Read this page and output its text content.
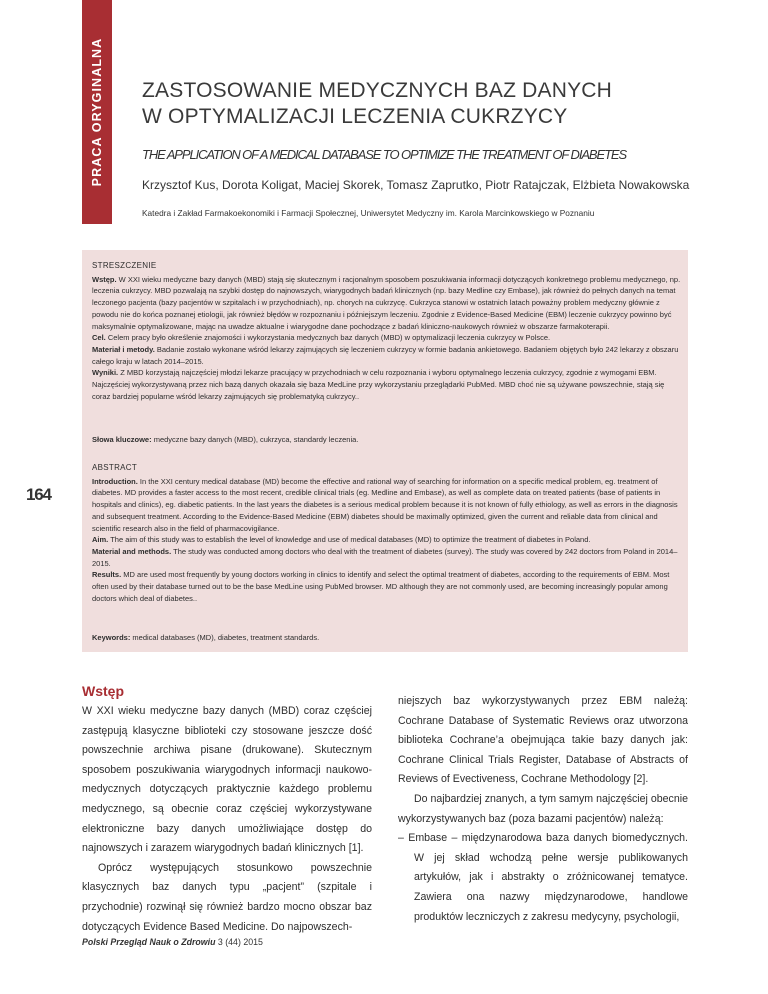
PRACA ORYGINALNA ZASTOSOWANIE MEDYCZNYCH BAZ DANYCH
W OPTYMALIZACJI LECZENIA CUKRZYCY
THE APPLICATION OF A MEDICAL DATABASE TO OPTIMIZE THE TREATMENT OF DIABETES
Krzysztof Kus, Dorota Koligat, Maciej Skorek, Tomasz Zaprutko, Piotr Ratajczak, Elżbieta Nowakowska
Katedra i Zakład Farmakoekonomiki i Farmacji Społecznej, Uniwersytet Medyczny im. Karola Marcinkowskiego w Poznaniu

STRESZCZENIE

Wstęp. W XXI wieku medyczne bazy danych (MBD) stają się skutecznym i racjonalnym sposobem poszukiwania informacji dotyczących konkretnego problemu medycznego, np. leczenia cukrzycy. MBD pozwalają na szybki dostęp do najnowszych, wiarygodnych badań klinicznych (np. bazy Medline czy Embase), jak również do pełnych danych na temat leczonego pacjenta (bazy pacjentów w szpitalach i w przychodniach), np. chorych na cukrzycę. Cukrzyca stanowi w ostatnich latach poważny problem medyczny głównie z powodu nie do końca poznanej etiologii, jak również błędów w rozpoznaniu i późniejszym leczeniu. Zgodnie z Evidence-Based Medicine (EBM) leczenie cukrzycy powinno być maksymalnie optymalizowane, mając na uwadze aktualne i wiarygodne dane pochodzące z badań kliniczno-naukowych również w obszarze farmakoterapii.

Cel. Celem pracy było określenie znajomości i wykorzystania medycznych baz danych (MBD) w optymalizacji leczenia cukrzycy w Polsce.

Materiał i metody. Badanie zostało wykonane wśród lekarzy zajmujących się leczeniem cukrzycy w formie badania ankietowego. Badaniem objętych było 242 lekarzy z obszaru całego kraju w latach 2014–2015.

Wyniki. Z MBD korzystają najczęściej młodzi lekarze pracujący w przychodniach w celu rozpoznania i wyboru optymalnego leczenia cukrzycy, zgodnie z wymogami EBM. Najczęściej wykorzystywaną przez nich bazą danych okazała się baza MedLine przy wykorzystaniu przeglądarki PubMed. MBD choć nie są używane powszechnie, stają się coraz bardziej popularne wśród lekarzy zajmujących się problematyką cukrzycy..

Słowa kluczowe: medyczne bazy danych (MBD), cukrzyca, standardy leczenia.

ABSTRACT

Introduction. In the XXI century medical database (MD) become the effective and rational way of searching for information on a specific medical problem, eg. treatment of diabetes. MD provides a faster access to the most recent, credible clinical trials (eg. Medline and Embase), as well as complete data on treated patients (base of patients in hospitals and clinics), eg. diabetic patients. In the last years the diabetes is a serious medical problem because it is not known of fully ethiology, as well as errors in the diagnosis and subsequent treatment. According to the Evidence-Based Medicine (EBM) diabetes should be maximally optimized, given the current and reliable data from clinical and scientific research also in the field of pharmacovigilance.

Aim. The aim of this study was to establish the level of knowledge and use of medical databases (MD) to optimize the treatment of diabetes in Poland.

Material and methods. The study was conducted among doctors who deal with the treatment of diabetes (survey). The study was covered by 242 doctors from Poland in 2014–2015.

Results. MD are used most frequently by young doctors working in clinics to identify and select the optimal treatment of diabetes, according to the requirements of EBM. Most often used by their database turned out to be the base MedLine using PubMed browser. MD although they are not commonly used, are becoming increasingly popular among doctors which deal of diabetes..

Keywords: medical databases (MD), diabetes, treatment standards.

164
Wstęp

W XXI wieku medyczne bazy danych (MBD) coraz częściej zastępują klasyczne biblioteki czy stosowane jeszcze dość powszechnie archiwa pisane (drukowane). Skutecznym sposobem poszukiwania wiarygodnych informacji naukowo-medycznych dotyczących praktycznie każdego problemu medycznego, są obecnie coraz częściej wykorzystywane elektroniczne bazy danych umożliwiające dostęp do najnowszych i zarazem wiarygodnych badań klinicznych [1].

Oprócz występujących stosunkowo powszechnie klasycznych baz danych typu „pacjent” (szpitale i przychodnie) rozwinął się również bardzo mocno obszar baz dotyczących Evidence Based Medicine. Do najpowszech-

niejszych baz wykorzystywanych przez EBM należą: Cochrane Database of Systematic Reviews oraz utworzona biblioteka Cochrane’a obejmująca takie bazy danych jak: Cochrane Clinical Trials Register, Database of Abstracts of Reviews of Evectiveness, Cochrane Methodology [2].

Do najbardziej znanych, a tym samym najczęściej obecnie wykorzystywanych baz (poza bazami pacjentów) należą:

– Embase – międzynarodowa baza danych biomedycznych. W jej skład wchodzą pełne wersje publikowanych artykułów, jak i abstrakty o zróżnicowanej tematyce. Zawiera ona nazwy międzynarodowe, handlowe produktów leczniczych z zakresu medycyny, psychologii,

Polski Przegląd Nauk o Zdrowiu 3 (44) 2015
